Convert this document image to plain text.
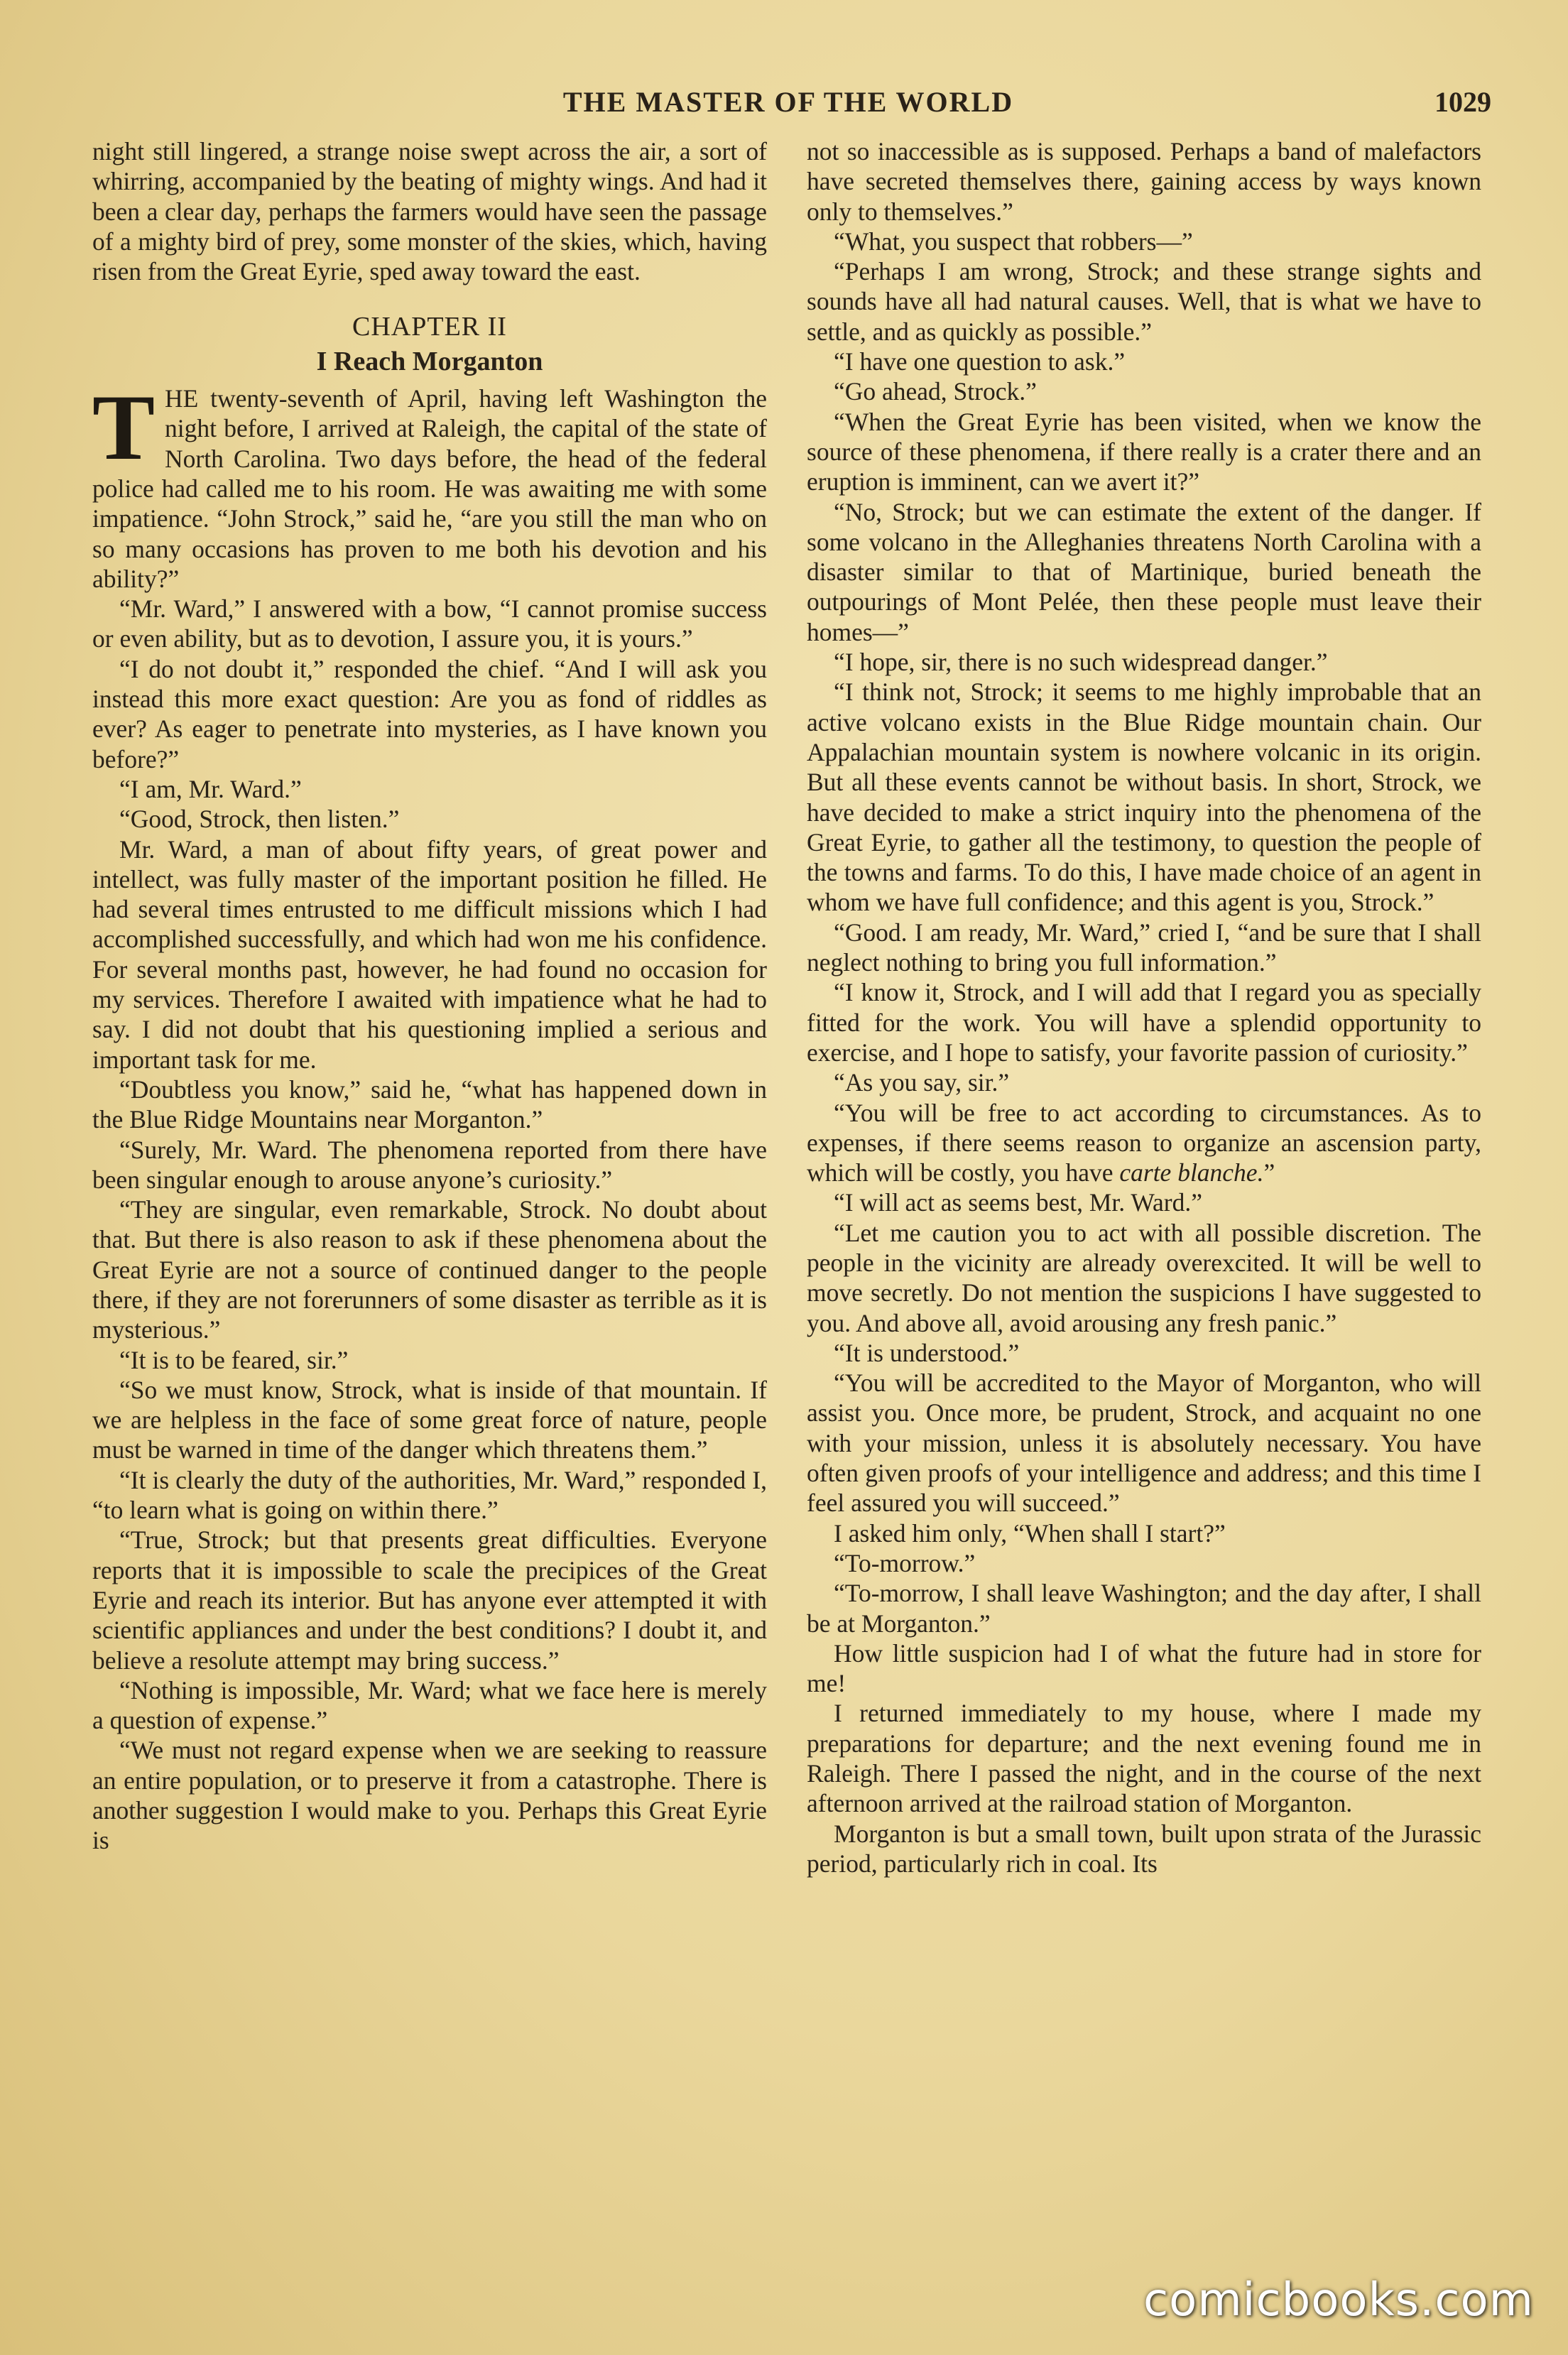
THE MASTER OF THE WORLD	1029

night still lingered, a strange noise swept across the air, a sort of whirring, accompanied by the beating of mighty wings. And had it been a clear day, perhaps the farmers would have seen the passage of a mighty bird of prey, some monster of the skies, which, having risen from the Great Eyrie, sped away toward the east.

CHAPTER II
I Reach Morganton

THE twenty-seventh of April, having left Washington the night before, I arrived at Raleigh, the capital of the state of North Carolina. Two days before, the head of the federal police had called me to his room. He was awaiting me with some impatience. “John Strock,” said he, “are you still the man who on so many occasions has proven to me both his devotion and his ability?”

“Mr. Ward,” I answered with a bow, “I cannot promise success or even ability, but as to devotion, I assure you, it is yours.”

“I do not doubt it,” responded the chief. “And I will ask you instead this more exact question: Are you as fond of riddles as ever? As eager to penetrate into mysteries, as I have known you before?”

“I am, Mr. Ward.”

“Good, Strock, then listen.”

Mr. Ward, a man of about fifty years, of great power and intellect, was fully master of the important position he filled. He had several times entrusted to me difficult missions which I had accomplished successfully, and which had won me his confidence. For several months past, however, he had found no occasion for my services. Therefore I awaited with impatience what he had to say. I did not doubt that his questioning implied a serious and important task for me.

“Doubtless you know,” said he, “what has happened down in the Blue Ridge Mountains near Morganton.”

“Surely, Mr. Ward. The phenomena reported from there have been singular enough to arouse anyone’s curiosity.”

“They are singular, even remarkable, Strock. No doubt about that. But there is also reason to ask if these phenomena about the Great Eyrie are not a source of continued danger to the people there, if they are not forerunners of some disaster as terrible as it is mysterious.”

“It is to be feared, sir.”

“So we must know, Strock, what is inside of that mountain. If we are helpless in the face of some great force of nature, people must be warned in time of the danger which threatens them.”

“It is clearly the duty of the authorities, Mr. Ward,” responded I, “to learn what is going on within there.”

“True, Strock; but that presents great difficulties. Everyone reports that it is impossible to scale the precipices of the Great Eyrie and reach its interior. But has anyone ever attempted it with scientific appliances and under the best conditions? I doubt it, and believe a resolute attempt may bring success.”

“Nothing is impossible, Mr. Ward; what we face here is merely a question of expense.”

“We must not regard expense when we are seeking to reassure an entire population, or to preserve it from a catastrophe. There is another suggestion I would make to you. Perhaps this Great Eyrie is

not so inaccessible as is supposed. Perhaps a band of malefactors have secreted themselves there, gaining access by ways known only to themselves.”

“What, you suspect that robbers—”

“Perhaps I am wrong, Strock; and these strange sights and sounds have all had natural causes. Well, that is what we have to settle, and as quickly as possible.”

“I have one question to ask.”

“Go ahead, Strock.”

“When the Great Eyrie has been visited, when we know the source of these phenomena, if there really is a crater there and an eruption is imminent, can we avert it?”

“No, Strock; but we can estimate the extent of the danger. If some volcano in the Alleghanies threatens North Carolina with a disaster similar to that of Martinique, buried beneath the outpourings of Mont Pelée, then these people must leave their homes—”

“I hope, sir, there is no such widespread danger.”

“I think not, Strock; it seems to me highly improbable that an active volcano exists in the Blue Ridge mountain chain. Our Appalachian mountain system is nowhere volcanic in its origin. But all these events cannot be without basis. In short, Strock, we have decided to make a strict inquiry into the phenomena of the Great Eyrie, to gather all the testimony, to question the people of the towns and farms. To do this, I have made choice of an agent in whom we have full confidence; and this agent is you, Strock.”

“Good. I am ready, Mr. Ward,” cried I, “and be sure that I shall neglect nothing to bring you full information.”

“I know it, Strock, and I will add that I regard you as specially fitted for the work. You will have a splendid opportunity to exercise, and I hope to satisfy, your favorite passion of curiosity.”

“As you say, sir.”

“You will be free to act according to circumstances. As to expenses, if there seems reason to organize an ascension party, which will be costly, you have carte blanche.”

“I will act as seems best, Mr. Ward.”

“Let me caution you to act with all possible discretion. The people in the vicinity are already overexcited. It will be well to move secretly. Do not mention the suspicions I have suggested to you. And above all, avoid arousing any fresh panic.”

“It is understood.”

“You will be accredited to the Mayor of Morganton, who will assist you. Once more, be prudent, Strock, and acquaint no one with your mission, unless it is absolutely necessary. You have often given proofs of your intelligence and address; and this time I feel assured you will succeed.”

I asked him only, “When shall I start?”

“To-morrow.”

“To-morrow, I shall leave Washington; and the day after, I shall be at Morganton.”

How little suspicion had I of what the future had in store for me!

I returned immediately to my house, where I made my preparations for departure; and the next evening found me in Raleigh. There I passed the night, and in the course of the next afternoon arrived at the railroad station of Morganton.

Morganton is but a small town, built upon strata of the Jurassic period, particularly rich in coal. Its

comicbooks.com
